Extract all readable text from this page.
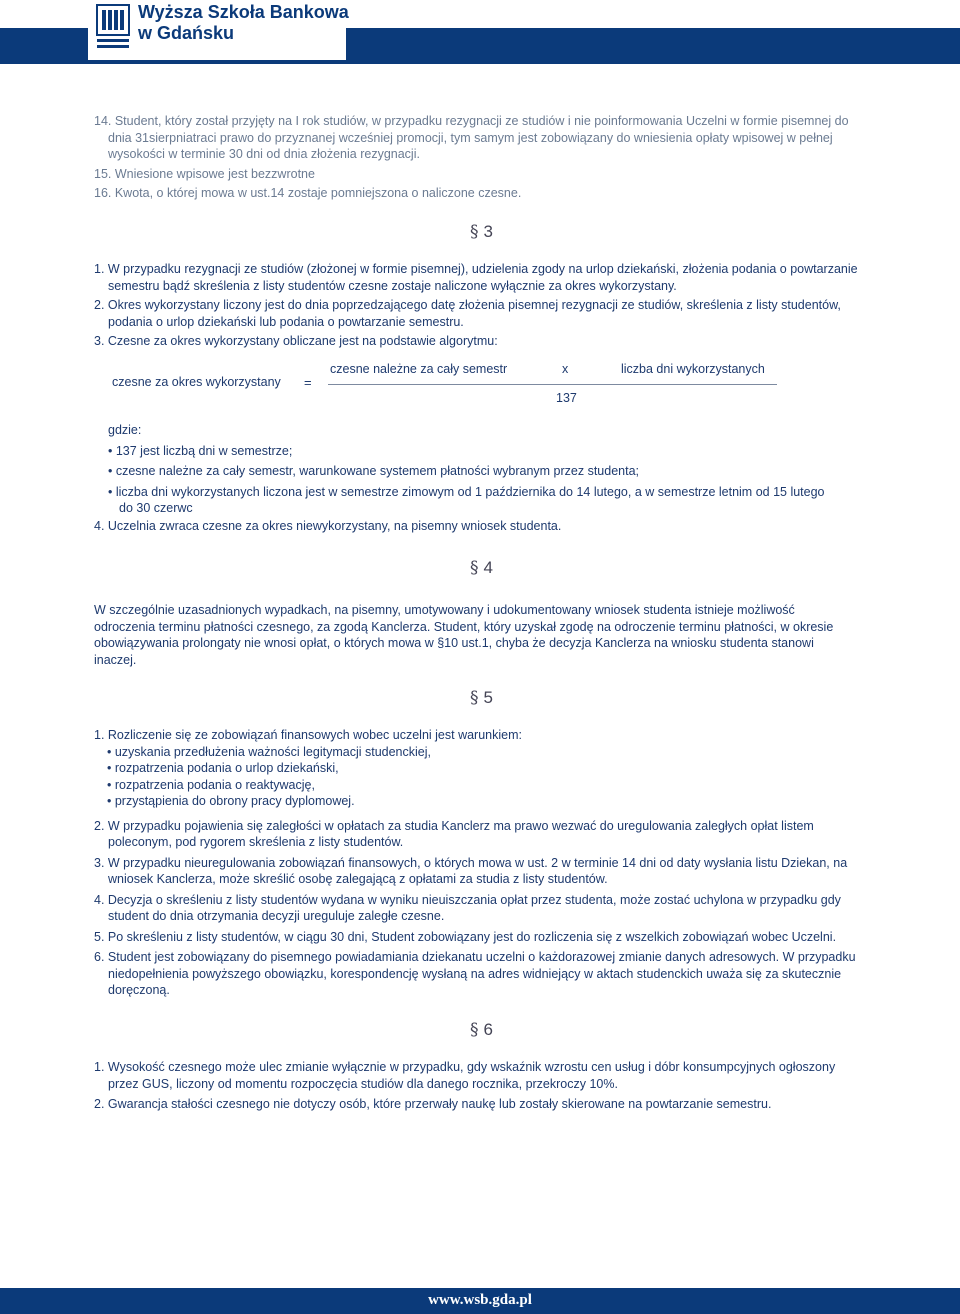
Regulamin opłat za studia w WSB w Gdańsku	str 2
Wyższa Szkoła Bankowa
w Gdańsku

14. Student, który został przyjęty na I rok studiów, w przypadku rezygnacji ze studiów i nie poinformowania Uczelni w formie pisemnej do dnia 31sierpniatraci prawo do przyznanej wcześniej promocji, tym samym jest zobowiązany do wniesienia opłaty wpisowej w pełnej wysokości w terminie 30 dni od dnia złożenia rezygnacji.

15. Wniesione wpisowe jest bezzwrotne

16. Kwota, o której mowa w ust.14 zostaje pomniejszona o naliczone czesne.

§ 3

1. W przypadku rezygnacji ze studiów (złożonej w formie pisemnej), udzielenia zgody na urlop dziekański, złożenia podania o powtarzanie semestru bądź skreślenia z listy studentów czesne zostaje naliczone wyłącznie za okres wykorzystany.

2. Okres wykorzystany liczony jest do dnia poprzedzającego datę złożenia pisemnej rezygnacji ze studiów, skreślenia z listy studentów, podania o urlop dziekański lub podania o powtarzanie semestru.

3. Czesne za okres wykorzystany obliczane jest na podstawie algorytmu:

czesne za okres wykorzystany =
czesne należne za cały semestr	x	liczba dni wykorzystanych
137

gdzie:

• 137 jest liczbą dni w semestrze;

• czesne należne za cały semestr, warunkowane systemem płatności wybranym przez studenta;

• liczba dni wykorzystanych liczona jest w semestrze zimowym od 1 października do 14 lutego, a w semestrze letnim od 15 lutego do 30 czerwc

4. Uczelnia zwraca czesne za okres niewykorzystany, na pisemny wniosek studenta.

§ 4

W szczególnie uzasadnionych wypadkach, na pisemny, umotywowany i udokumentowany wniosek studenta istnieje możliwość odroczenia terminu płatności czesnego, za zgodą Kanclerza. Student, który uzyskał zgodę na odroczenie terminu płatności, w okresie obowiązywania prolongaty nie wnosi opłat, o których mowa w §10 ust.1, chyba że decyzja Kanclerza na wniosku studenta stanowi inaczej.

§ 5

1. Rozliczenie się ze zobowiązań finansowych wobec uczelni jest warunkiem:

• uzyskania przedłużenia ważności legitymacji studenckiej,

• rozpatrzenia podania o urlop dziekański,

• rozpatrzenia podania o reaktywację,

• przystąpienia do obrony pracy dyplomowej.

2. W przypadku pojawienia się zaległości w opłatach za studia Kanclerz ma prawo wezwać do uregulowania zaległych opłat listem poleconym, pod rygorem skreślenia z listy studentów.

3. W przypadku nieuregulowania zobowiązań finansowych, o których mowa w ust. 2 w terminie 14 dni od daty wysłania listu Dziekan, na wniosek Kanclerza, może skreślić osobę zalegającą z opłatami za studia z listy studentów.

4. Decyzja o skreśleniu z listy studentów wydana w wyniku nieuiszczania opłat przez studenta, może zostać uchylona w przypadku gdy student do dnia otrzymania decyzji ureguluje zaległe czesne.

5. Po skreśleniu z listy studentów, w ciągu 30 dni, Student zobowiązany jest do rozliczenia się z wszelkich zobowiązań wobec Uczelni.

6. Student jest zobowiązany do pisemnego powiadamiania dziekanatu uczelni o każdorazowej zmianie danych adresowych. W przypadku niedopełnienia powyższego obowiązku, korespondencję wysłaną na adres widniejący w aktach studenckich uważa się za skutecznie doręczoną.

§ 6

1. Wysokość czesnego może ulec zmianie wyłącznie w przypadku, gdy wskaźnik wzrostu cen usług i dóbr konsumpcyjnych ogłoszony przez GUS, liczony od momentu rozpoczęcia studiów dla danego rocznika, przekroczy 10%.

2. Gwarancja stałości czesnego nie dotyczy osób, które przerwały naukę lub zostały skierowane na powtarzanie semestru.

www.wsb.gda.pl
